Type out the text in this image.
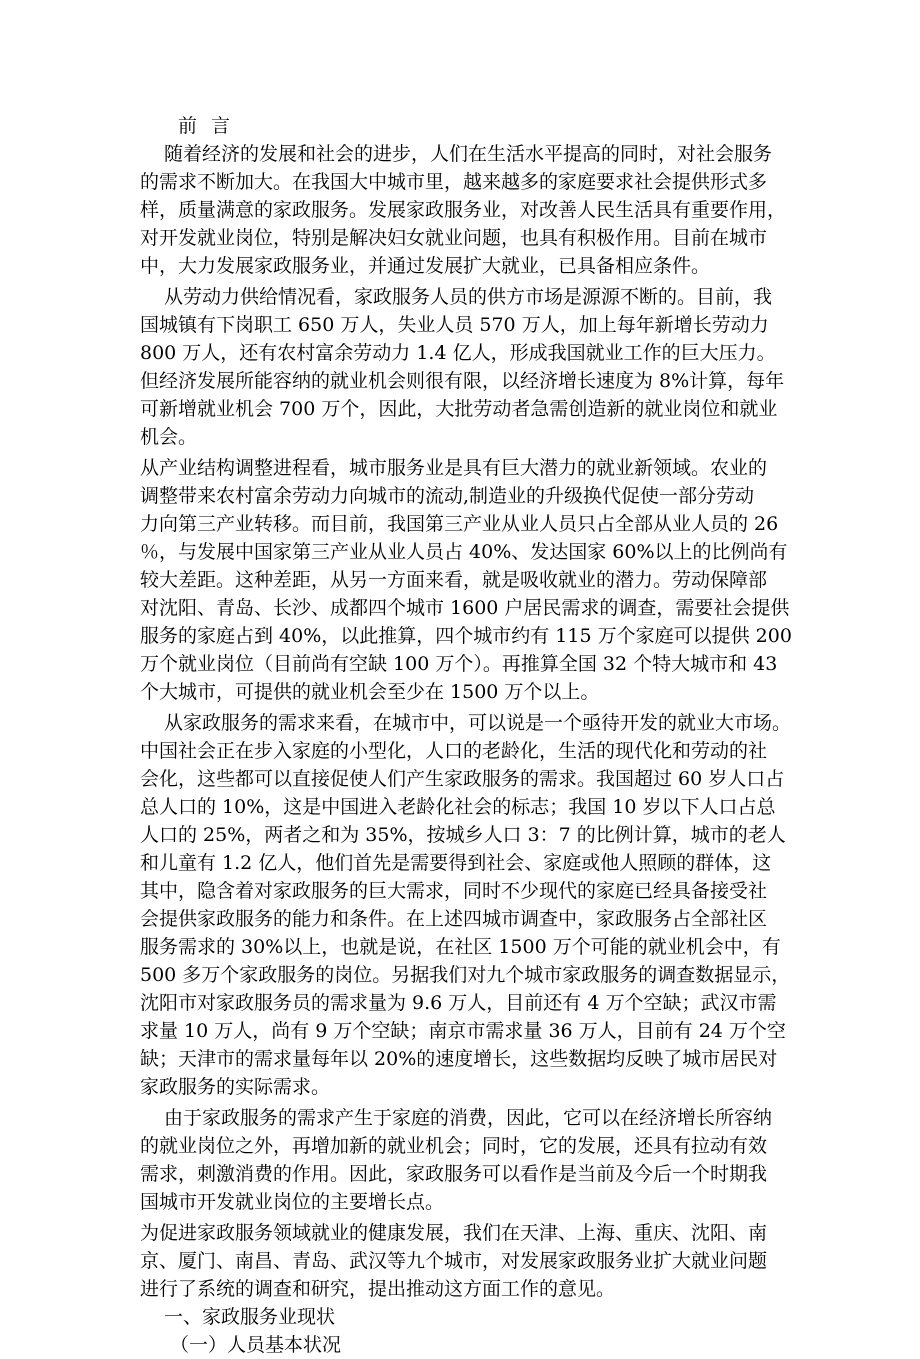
前 言
随着经济的发展和社会的进步，人们在生活水平提高的同时，对社会服务
的需求不断加大。在我国大中城市里，越来越多的家庭要求社会提供形式多
样，质量满意的家政服务。发展家政服务业，对改善人民生活具有重要作用，
对开发就业岗位，特别是解决妇女就业问题，也具有积极作用。目前在城市
中，大力发展家政服务业，并通过发展扩大就业，已具备相应条件。
从劳动力供给情况看，家政服务人员的供方市场是源源不断的。目前，我
国城镇有下岗职工 650 万人，失业人员 570 万人，加上每年新增长劳动力
800 万人，还有农村富余劳动力 1.4 亿人，形成我国就业工作的巨大压力。
但经济发展所能容纳的就业机会则很有限，以经济增长速度为 8%计算，每年
可新增就业机会 700 万个，因此，大批劳动者急需创造新的就业岗位和就业
机会。
从产业结构调整进程看，城市服务业是具有巨大潜力的就业新领域。农业的
调整带来农村富余劳动力向城市的流动,制造业的升级换代促使一部分劳动
力向第三产业转移。而目前，我国第三产业从业人员只占全部从业人员的 26
％，与发展中国家第三产业从业人员占 40%、发达国家 60%以上的比例尚有
较大差距。这种差距，从另一方面来看，就是吸收就业的潜力。劳动保障部
对沈阳、青岛、长沙、成都四个城市 1600 户居民需求的调查，需要社会提供
服务的家庭占到 40%，以此推算，四个城市约有 115 万个家庭可以提供 200
万个就业岗位（目前尚有空缺 100 万个）。再推算全国 32 个特大城市和 43
个大城市，可提供的就业机会至少在 1500 万个以上。
从家政服务的需求来看，在城市中，可以说是一个亟待开发的就业大市场。
中国社会正在步入家庭的小型化，人口的老龄化，生活的现代化和劳动的社
会化，这些都可以直接促使人们产生家政服务的需求。我国超过 60 岁人口占
总人口的 10%，这是中国进入老龄化社会的标志；我国 10 岁以下人口占总
人口的 25%，两者之和为 35%，按城乡人口 3：7 的比例计算，城市的老人
和儿童有 1.2 亿人，他们首先是需要得到社会、家庭或他人照顾的群体，这
其中，隐含着对家政服务的巨大需求，同时不少现代的家庭已经具备接受社
会提供家政服务的能力和条件。在上述四城市调查中，家政服务占全部社区
服务需求的 30%以上，也就是说，在社区 1500 万个可能的就业机会中，有
500 多万个家政服务的岗位。另据我们对九个城市家政服务的调查数据显示，
沈阳市对家政服务员的需求量为 9.6 万人，目前还有 4 万个空缺；武汉市需
求量 10 万人，尚有 9 万个空缺；南京市需求量 36 万人，目前有 24 万个空
缺；天津市的需求量每年以 20%的速度增长，这些数据均反映了城市居民对
家政服务的实际需求。
由于家政服务的需求产生于家庭的消费，因此，它可以在经济增长所容纳
的就业岗位之外，再增加新的就业机会；同时，它的发展，还具有拉动有效
需求，刺激消费的作用。因此，家政服务可以看作是当前及今后一个时期我
国城市开发就业岗位的主要增长点。
为促进家政服务领域就业的健康发展，我们在天津、上海、重庆、沈阳、南
京、厦门、南昌、青岛、武汉等九个城市，对发展家政服务业扩大就业问题
进行了系统的调查和研究，提出推动这方面工作的意见。
一、家政服务业现状
（一）人员基本状况
